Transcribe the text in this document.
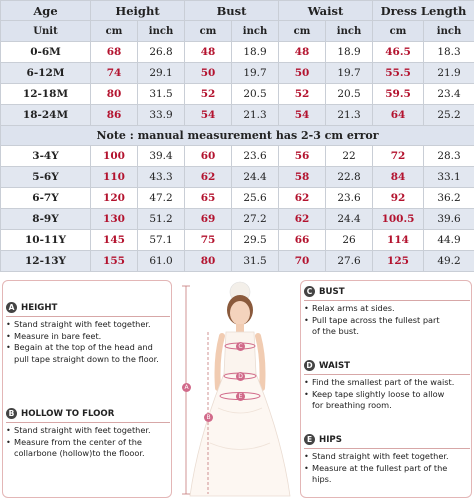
Age	Height		Bust		Waist		Dress Length	
Unit	cm	inch	cm	inch	cm	inch	cm	inch
0-6M	68	26.8	48	18.9	48	18.9	46.5	18.3
6-12M	74	29.1	50	19.7	50	19.7	55.5	21.9
12-18M	80	31.5	52	20.5	52	20.5	59.5	23.4
18-24M	86	33.9	54	21.3	54	21.3	64	25.2
Note : manual measurement has 2-3 cm error								
3-4Y	100	39.4	60	23.6	56	22	72	28.3
5-6Y	110	43.3	62	24.4	58	22.8	84	33.1
6-7Y	120	47.2	65	25.6	62	23.6	92	36.2
8-9Y	130	51.2	69	27.2	62	24.4	100.5	39.6
10-11Y	145	57.1	75	29.5	66	26	114	44.9
12-13Y	155	61.0	80	31.5	70	27.6	125	49.2
A HEIGHT
• Stand straight with feet together.
• Measure in bare feet.
• Begain at the top of the head and
pull tape straight down to the floor.
B HOLLOW TO FLOOR
• Stand straight with feet together.
• Measure from the center of the
collarbone (hollow)to the flooor.
C BUST
• Relax arms at sides.
• Pull tape across the fullest part
of the bust.
D WAIST
• Find the smallest part of the waist.
• Keep tape slightly loose to allow
for breathing room.
E HIPS
• Stand straight with feet together.
• Measure at the fullest part of the
hips.
A
B
C
D
E
